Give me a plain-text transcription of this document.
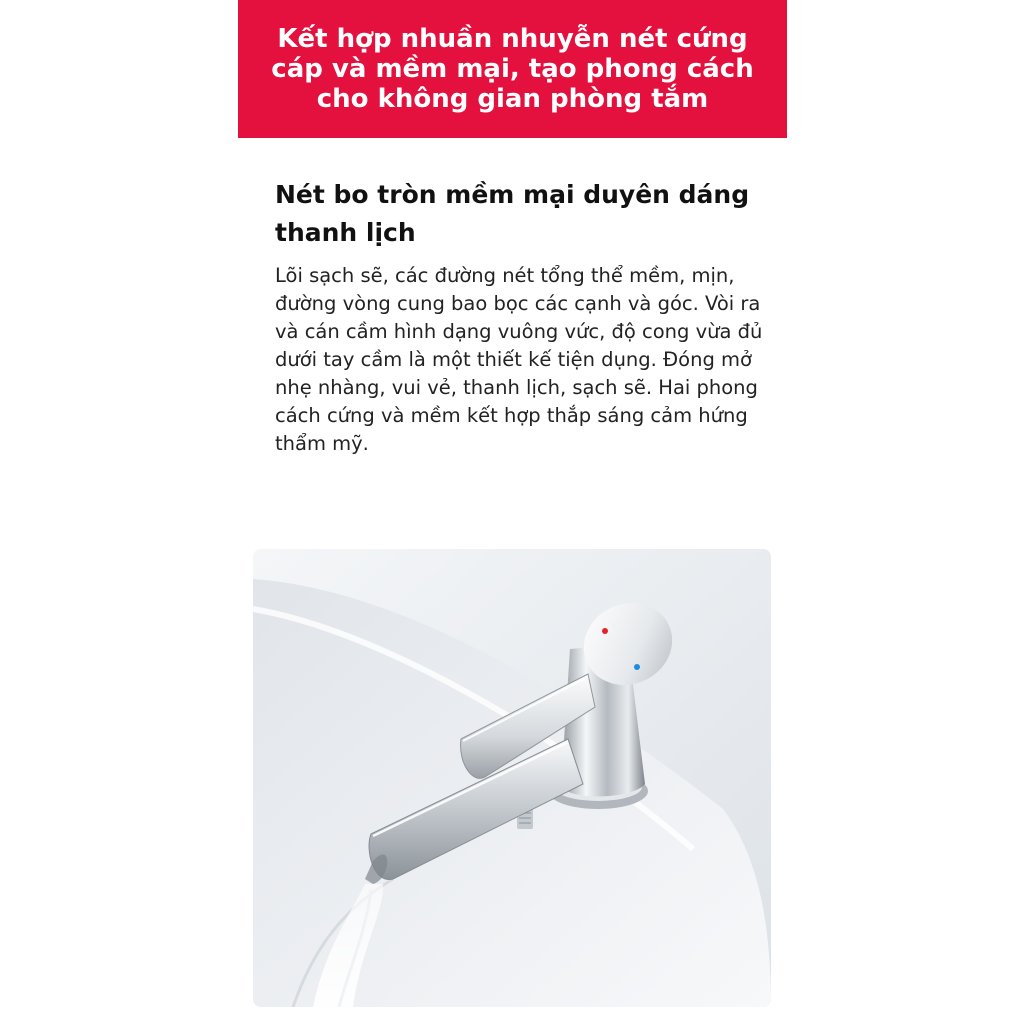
Kết hợp nhuần nhuyễn nét cứng cáp và mềm mại, tạo phong cách cho không gian phòng tắm
Nét bo tròn mềm mại duyên dáng thanh lịch

Lõi sạch sẽ, các đường nét tổng thể mềm, mịn, đường vòng cung bao bọc các cạnh và góc. Vòi ra và cán cầm hình dạng vuông vức, độ cong vừa đủ dưới tay cầm là một thiết kế tiện dụng. Đóng mở nhẹ nhàng, vui vẻ, thanh lịch, sạch sẽ. Hai phong cách cứng và mềm kết hợp thắp sáng cảm hứng thẩm mỹ.
